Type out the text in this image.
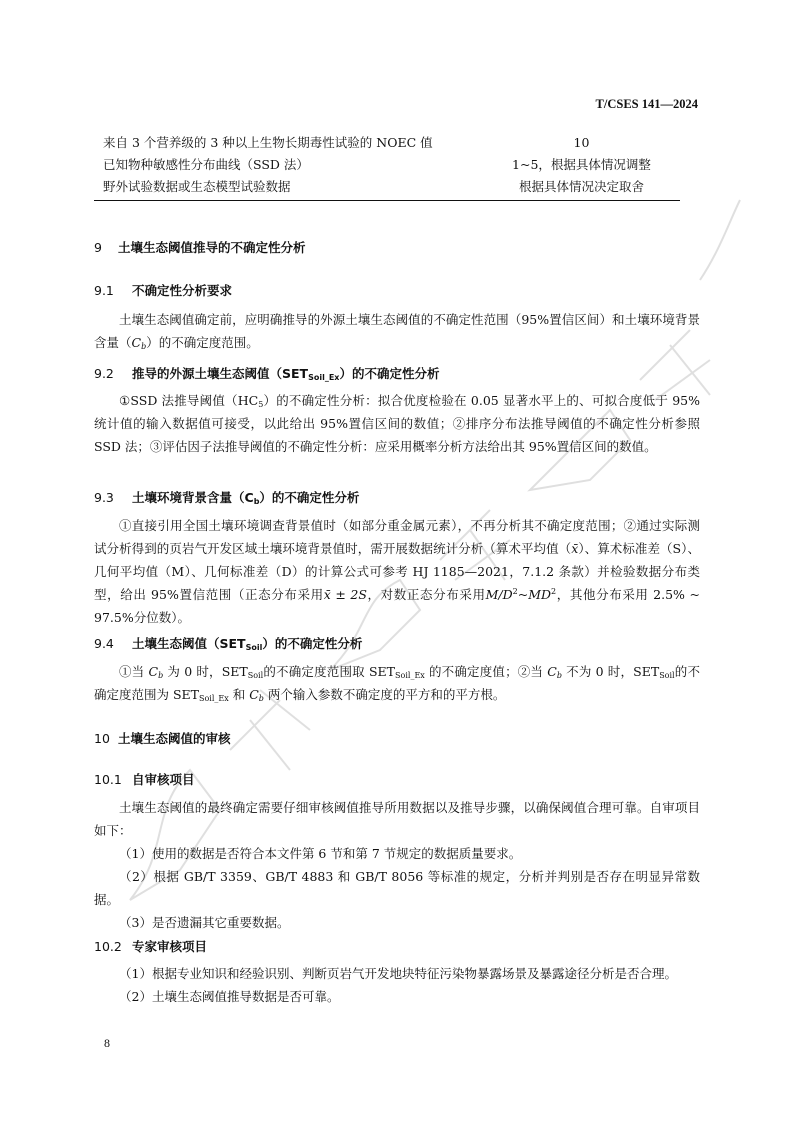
T/CSES 141—2024
来自 3 个营养级的 3 种以上生物长期毒性试验的 NOEC 值	10
已知物种敏感性分布曲线（SSD 法）	1~5，根据具体情况调整
野外试验数据或生态模型试验数据	根据具体情况决定取舍
9 土壤生态阈值推导的不确定性分析
9.1 不确定性分析要求

土壤生态阈值确定前，应明确推导的外源土壤生态阈值的不确定性范围（95%置信区间）和土壤环境背景含量$(C_b)$的不确定度范围。

9.2 推导的外源土壤生态阈值$(SET_{Soil\_Ex})$的不确定性分析

①SSD 法推导阈值$(HC_5)$的不确定性分析：拟合优度检验在 0.05 显著水平上的、可拟合度低于 95%统计值的输入数据值可接受，以此给出 95%置信区间的数值；②排序分布法推导阈值的不确定性分析参照 SSD 法；③评估因子法推导阈值的不确定性分析：应采用概率分析方法给出其 95%置信区间的数值。

9.3 土壤环境背景含量$(C_b)$的不确定性分析

①直接引用全国土壤环境调查背景值时（如部分重金属元素），不再分析其不确定度范围；②通过实际测试分析得到的页岩气开发区域土壤环境背景值时，需开展数据统计分析（算术平均值（x̄）、算术标准差（S）、几何平均值（M）、几何标准差（D）的计算公式可参考 HJ 1185—2021，7.1.2 条款）并检验数据分布类型，给出 95%置信范围（正态分布采用x̄ ± 2S，对数正态分布采用$M/D^2\sim MD^2$，其他分布采用 2.5% ~ 97.5%分位数）。

9.4 土壤生态阈值$(SET_{Soil})$的不确定性分析

①当 $C_b$ 为 0 时，$SET_{Soil}$的不确定度范围取 $SET_{Soil\_Ex}$ 的不确定度值；②当 $C_b$ 不为 0 时，$SET_{Soil}$的不确定度范围为 $SET_{Soil\_Ex}$ 和 $C_b$ 两个输入参数不确定度的平方和的平方根。

10 土壤生态阈值的审核
10.1 自审核项目

土壤生态阈值的最终确定需要仔细审核阈值推导所用数据以及推导步骤，以确保阈值合理可靠。自审项目如下：

（1）使用的数据是否符合本文件第 6 节和第 7 节规定的数据质量要求。

（2）根据 GB/T 3359、GB/T 4883 和 GB/T 8056 等标准的规定，分析并判别是否存在明显异常数据。

（3）是否遗漏其它重要数据。

10.2 专家审核项目

（1）根据专业知识和经验识别、判断页岩气开发地块特征污染物暴露场景及暴露途径分析是否合理。

（2）土壤生态阈值推导数据是否可靠。

8
